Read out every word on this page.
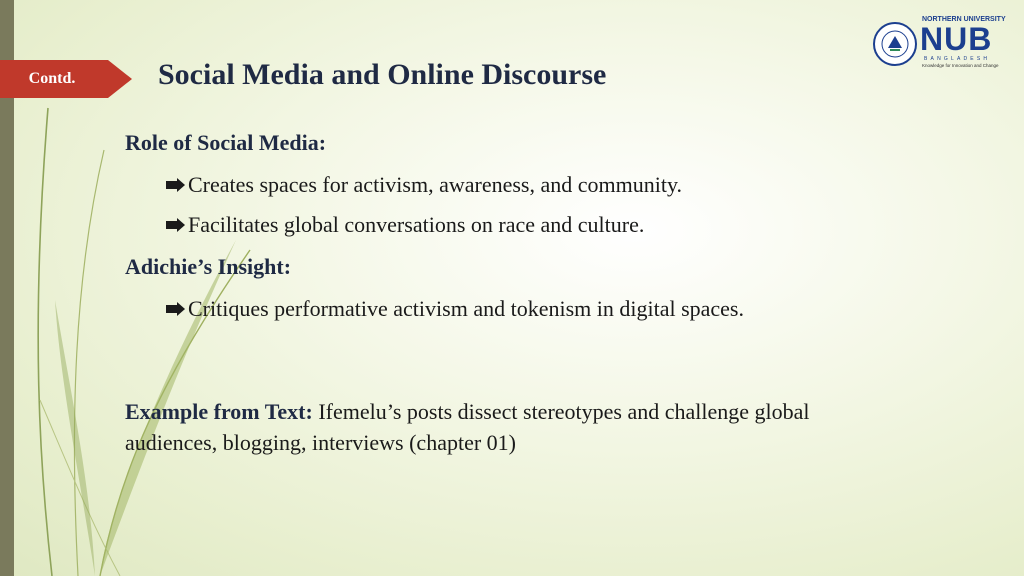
Contd.	Social Media and Online Discourse
NORTHERN UNIVERSITY
NUB
BANGLADESH
Knowledge for Innovation and Change

Role of Social Media:

Creates spaces for activism, awareness, and community.

Facilitates global conversations on race and culture.

Adichie’s Insight:

Critiques performative activism and tokenism in digital spaces.

Example from Text: Ifemelu’s posts dissect stereotypes and challenge global audiences, blogging, interviews (chapter 01)
